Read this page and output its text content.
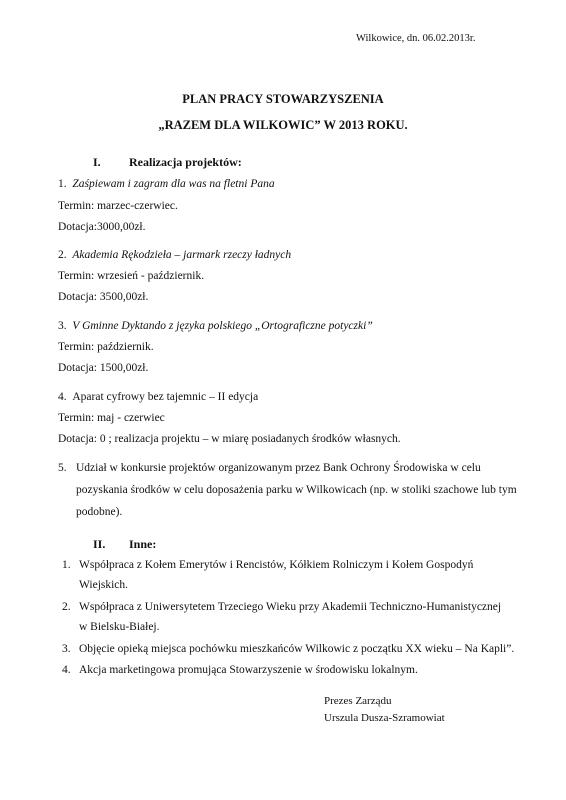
Wilkowice, dn. 06.02.2013r.
PLAN PRACY STOWARZYSZENIA
„RAZEM DLA WILKOWIC” W 2013 ROKU.
I. Realizacja projektów:
1. Zaśpiewam i zagram dla was na fletni Pana
Termin: marzec-czerwiec.
Dotacja:3000,00zł.
2. Akademia Rękodzieła – jarmark rzeczy ładnych
Termin: wrzesień - październik.
Dotacja: 3500,00zł.
3. V Gminne Dyktando z języka polskiego „Ortograficzne potyczki”
Termin: październik.
Dotacja: 1500,00zł.
4. Aparat cyfrowy bez tajemnic – II edycja
Termin: maj - czerwiec
Dotacja: 0 ; realizacja projektu – w miarę posiadanych środków własnych.
5. Udział w konkursie projektów organizowanym przez Bank Ochrony Środowiska w celu
pozyskania środków w celu doposażenia parku w Wilkowicach (np. w stoliki szachowe lub tym
podobne).
II. Inne:
1. Współpraca z Kołem Emerytów i Rencistów, Kółkiem Rolniczym i Kołem Gospodyń
Wiejskich.
2. Współpraca z Uniwersytetem Trzeciego Wieku przy Akademii Techniczno-Humanistycznej
w Bielsku-Białej.
3. Objęcie opieką miejsca pochówku mieszkańców Wilkowic z początku XX wieku – Na Kapli”.
4. Akcja marketingowa promująca Stowarzyszenie w środowisku lokalnym.
Prezes Zarządu
Urszula Dusza-Szramowiat
